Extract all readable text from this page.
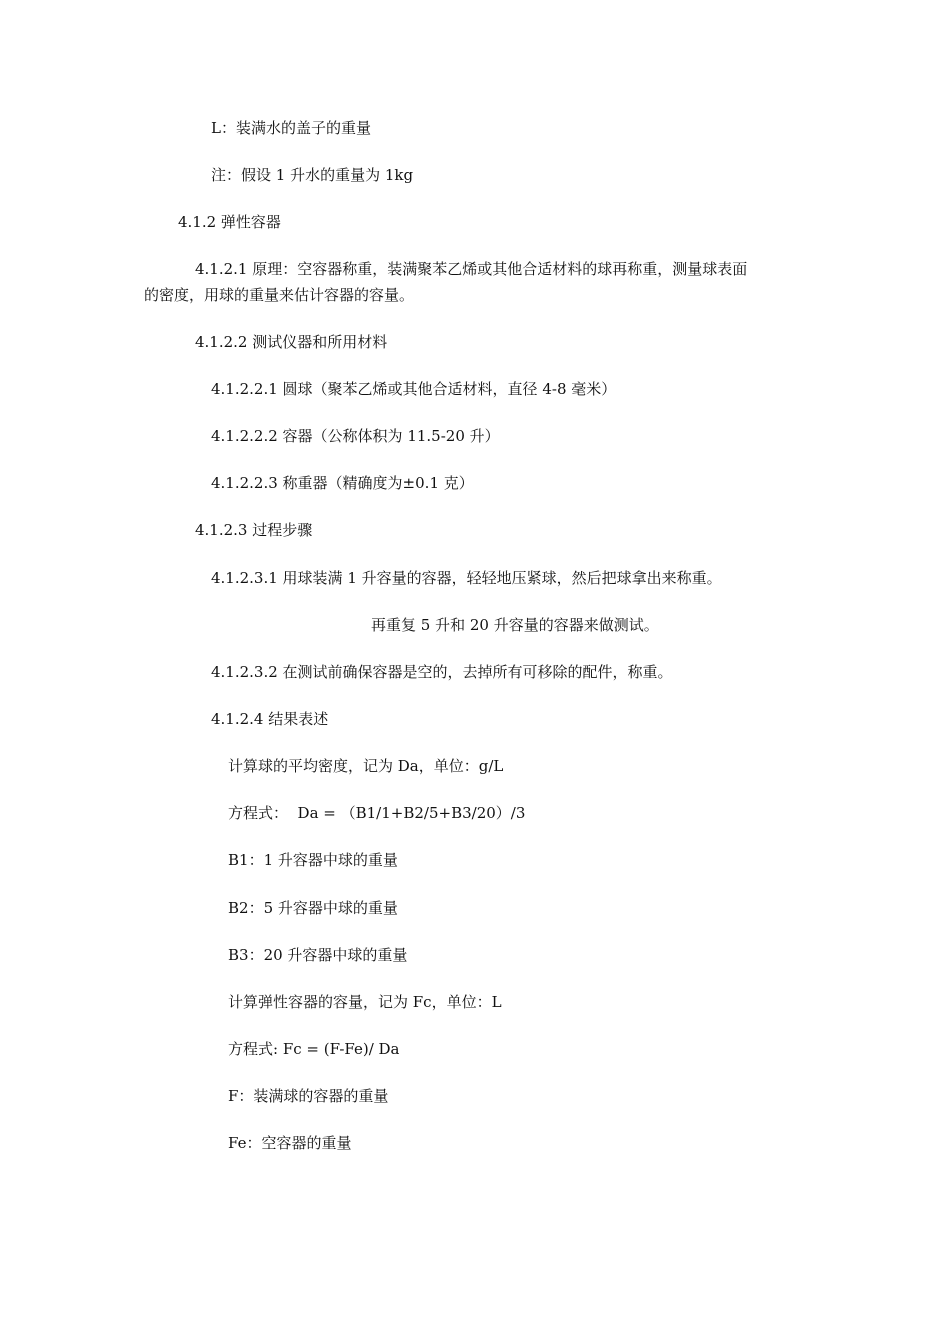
L：装满水的盖子的重量
注：假设 1 升水的重量为 1kg
4.1.2 弹性容器
4.1.2.1 原理：空容器称重，装满聚苯乙烯或其他合适材料的球再称重，测量球表面
的密度，用球的重量来估计容器的容量。
4.1.2.2 测试仪器和所用材料
4.1.2.2.1 圆球（聚苯乙烯或其他合适材料，直径 4-8 毫米）
4.1.2.2.2 容器（公称体积为 11.5-20 升）
4.1.2.2.3 称重器（精确度为±0.1 克）
4.1.2.3 过程步骤
4.1.2.3.1 用球装满 1 升容量的容器，轻轻地压紧球，然后把球拿出来称重。
再重复 5 升和 20 升容量的容器来做测试。
4.1.2.3.2 在测试前确保容器是空的，去掉所有可移除的配件，称重。
4.1.2.4 结果表述
计算球的平均密度，记为 Da，单位：g/L
方程式：  Da = （B1/1+B2/5+B3/20）/3
B1：1 升容器中球的重量
B2：5 升容器中球的重量
B3：20 升容器中球的重量
计算弹性容器的容量，记为 Fc，单位：L
方程式: Fc = (F-Fe)/ Da
F：装满球的容器的重量
Fe：空容器的重量
